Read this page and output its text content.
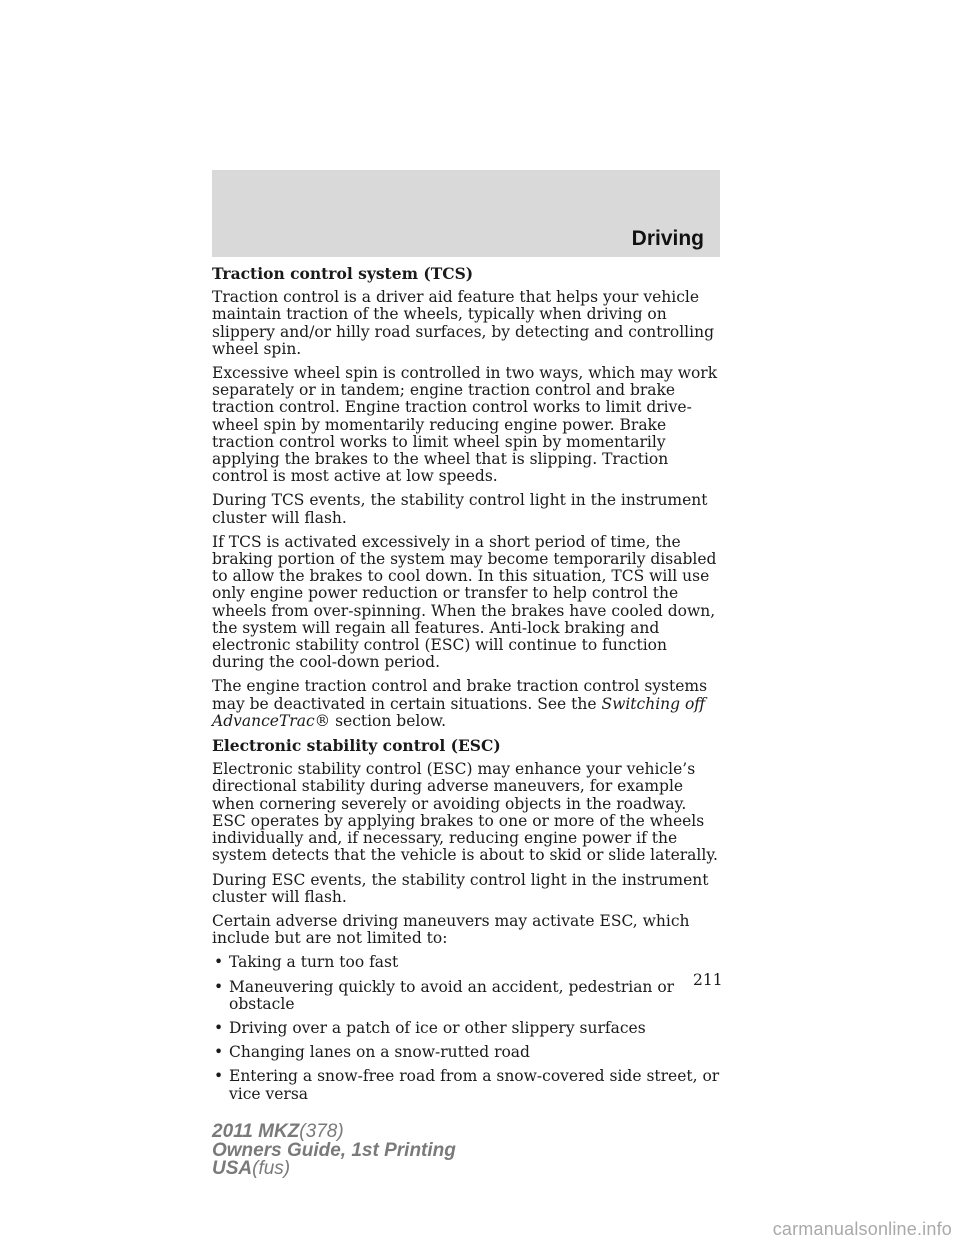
Driving
Traction control system (TCS)

Traction control is a driver aid feature that helps your vehicle maintain traction of the wheels, typically when driving on slippery and/or hilly road surfaces, by detecting and controlling wheel spin.

Excessive wheel spin is controlled in two ways, which may work separately or in tandem; engine traction control and brake traction control. Engine traction control works to limit drive-wheel spin by momentarily reducing engine power. Brake traction control works to limit wheel spin by momentarily applying the brakes to the wheel that is slipping. Traction control is most active at low speeds.

During TCS events, the stability control light in the instrument cluster will flash.

If TCS is activated excessively in a short period of time, the braking portion of the system may become temporarily disabled to allow the brakes to cool down. In this situation, TCS will use only engine power reduction or transfer to help control the wheels from over-spinning. When the brakes have cooled down, the system will regain all features. Anti-lock braking and electronic stability control (ESC) will continue to function during the cool-down period.

The engine traction control and brake traction control systems may be deactivated in certain situations. See the Switching off AdvanceTrac® section below.

Electronic stability control (ESC)

Electronic stability control (ESC) may enhance your vehicle’s directional stability during adverse maneuvers, for example when cornering severely or avoiding objects in the roadway. ESC operates by applying brakes to one or more of the wheels individually and, if necessary, reducing engine power if the system detects that the vehicle is about to skid or slide laterally.

During ESC events, the stability control light in the instrument cluster will flash.

Certain adverse driving maneuvers may activate ESC, which include but are not limited to:

• Taking a turn too fast
• Maneuvering quickly to avoid an accident, pedestrian or obstacle
• Driving over a patch of ice or other slippery surfaces
• Changing lanes on a snow-rutted road
• Entering a snow-free road from a snow-covered side street, or vice versa
211
2011 MKZ(378)
Owners Guide, 1st Printing
USA(fus)
carmanualsonline.info
